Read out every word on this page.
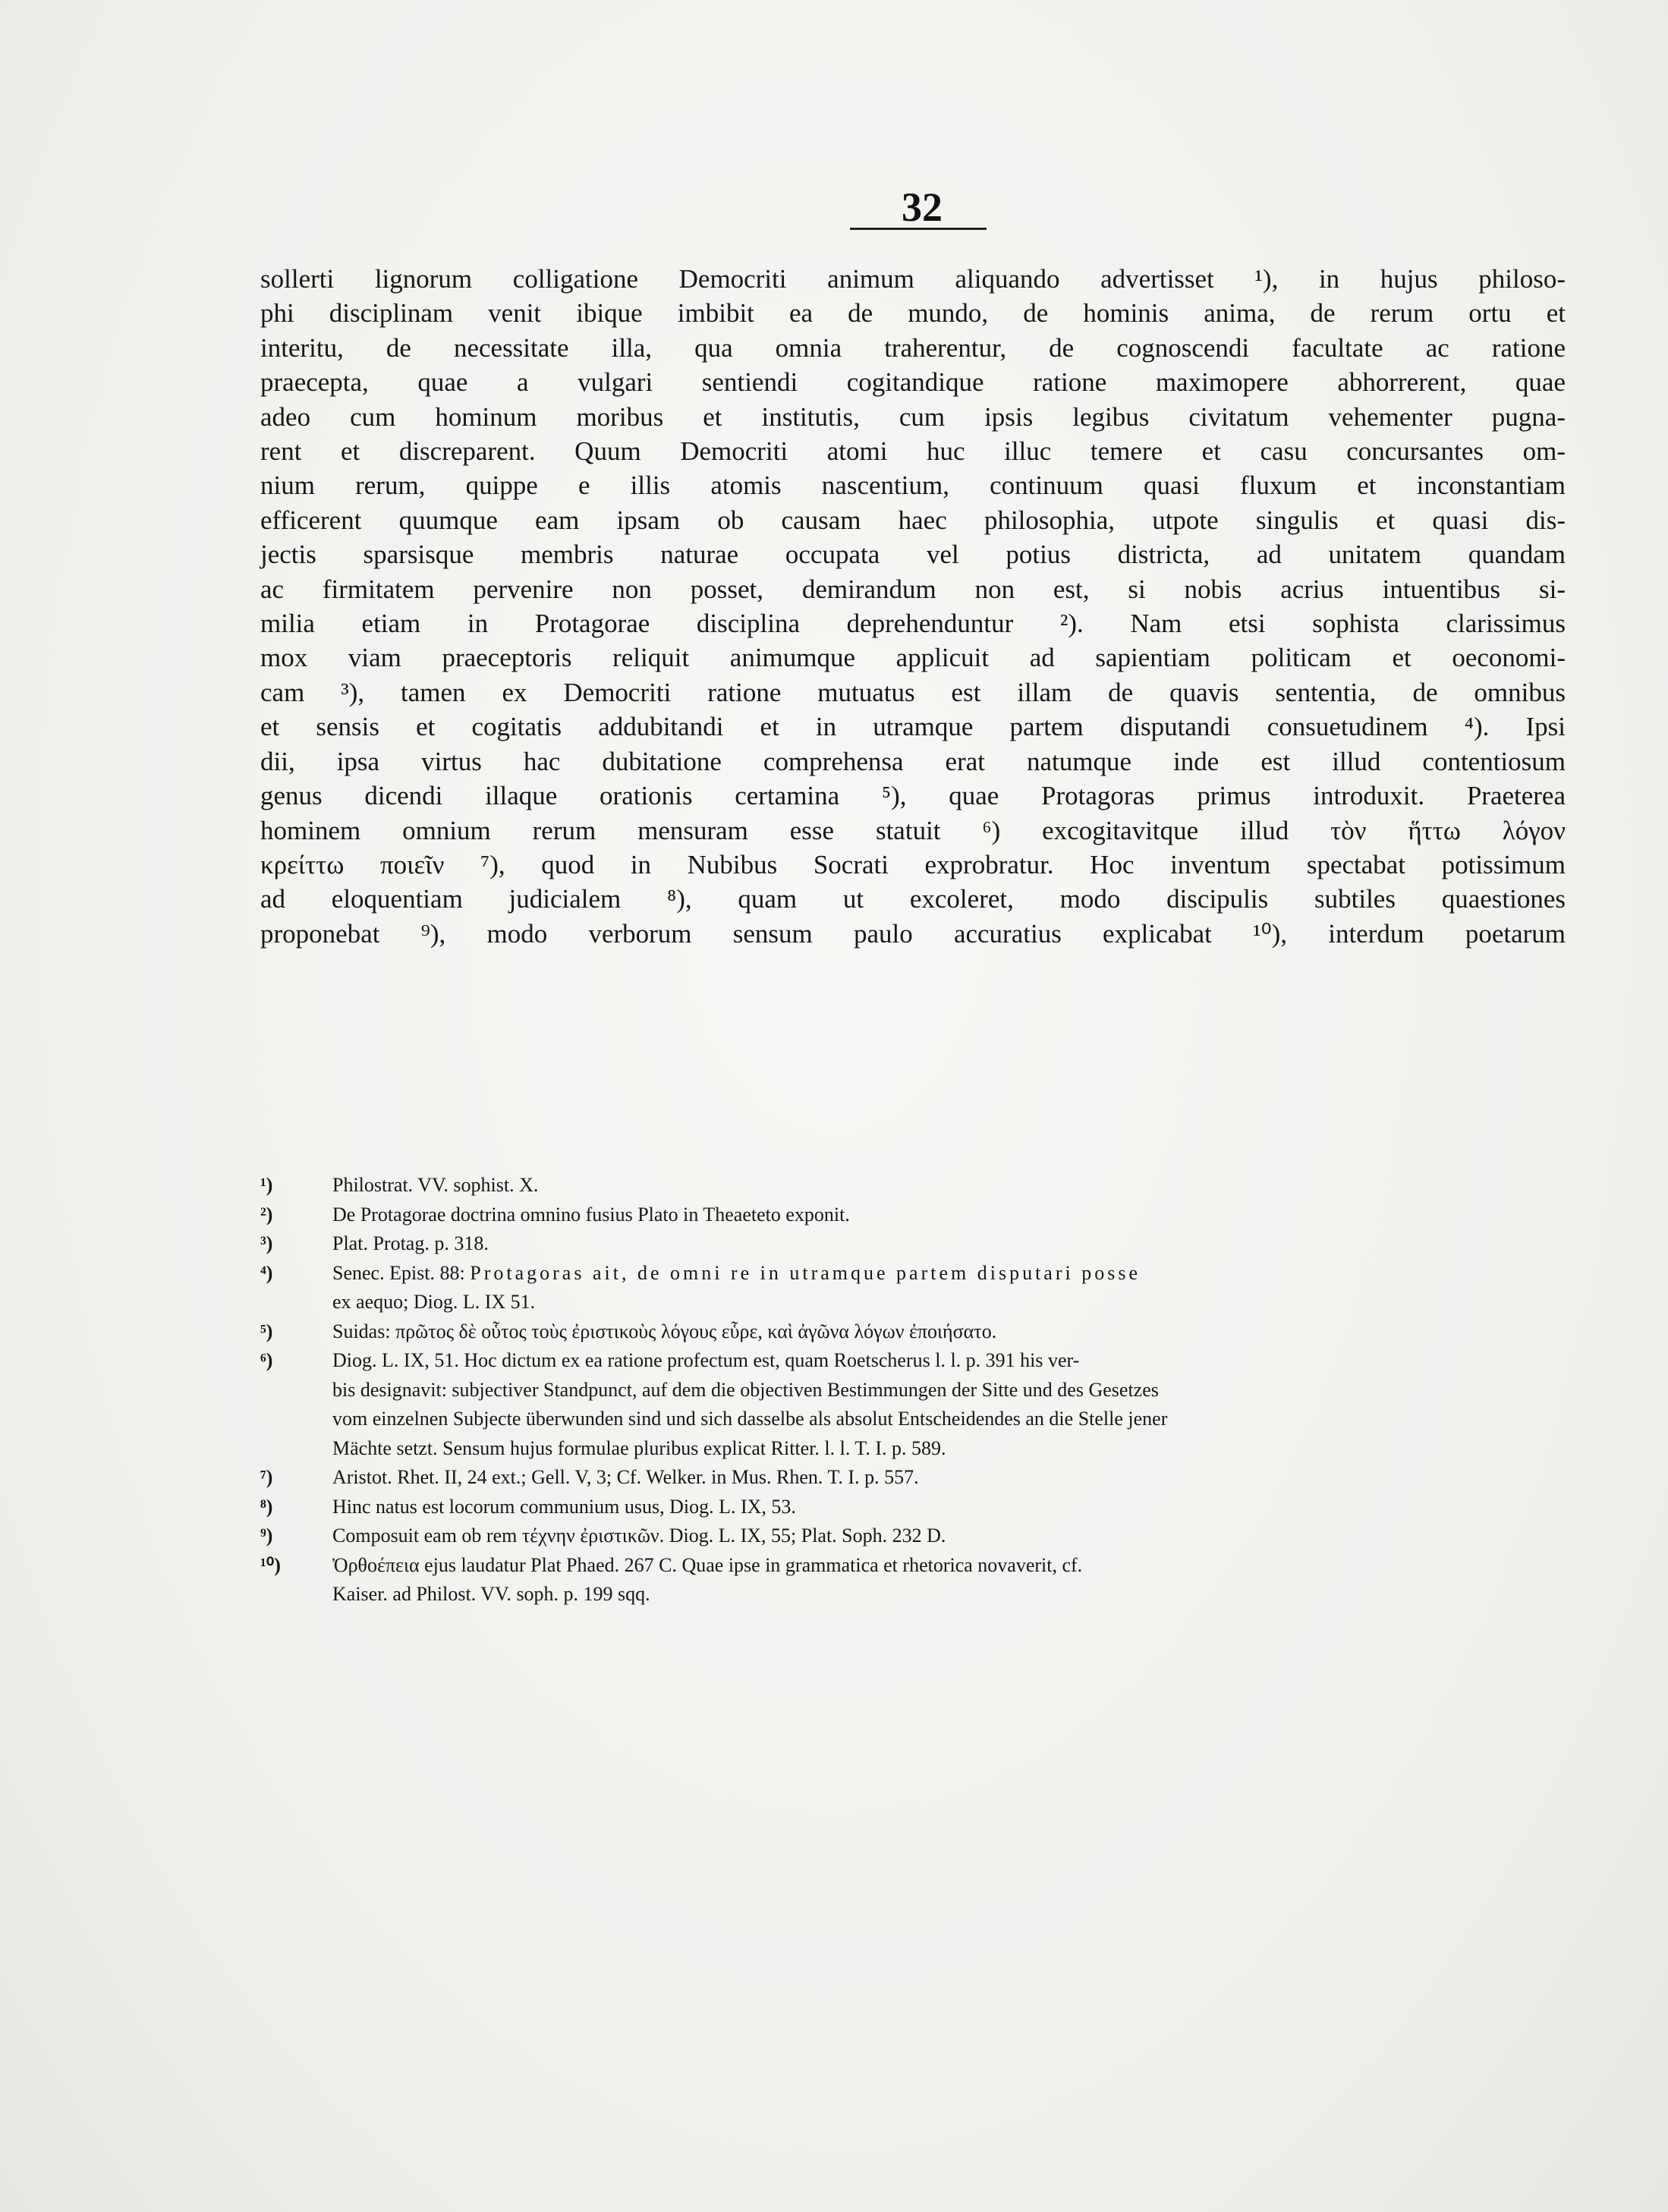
32
sollerti lignorum colligatione Democriti animum aliquando advertisset ¹), in hujus philoso-
phi disciplinam venit ibique imbibit ea de mundo, de hominis anima, de rerum ortu et
interitu, de necessitate illa, qua omnia traherentur, de cognoscendi facultate ac ratione
praecepta, quae a vulgari sentiendi cogitandique ratione maximopere abhorrerent, quae
adeo cum hominum moribus et institutis, cum ipsis legibus civitatum vehementer pugna-
rent et discreparent. Quum Democriti atomi huc illuc temere et casu concursantes om-
nium rerum, quippe e illis atomis nascentium, continuum quasi fluxum et inconstantiam
efficerent quumque eam ipsam ob causam haec philosophia, utpote singulis et quasi dis-
jectis sparsisque membris naturae occupata vel potius districta, ad unitatem quandam
ac firmitatem pervenire non posset, demirandum non est, si nobis acrius intuentibus si-
milia etiam in Protagorae disciplina deprehenduntur ²). Nam etsi sophista clarissimus
mox viam praeceptoris reliquit animumque applicuit ad sapientiam politicam et oeconomi-
cam ³), tamen ex Democriti ratione mutuatus est illam de quavis sententia, de omnibus
et sensis et cogitatis addubitandi et in utramque partem disputandi consuetudinem ⁴). Ipsi
dii, ipsa virtus hac dubitatione comprehensa erat natumque inde est illud contentiosum
genus dicendi illaque orationis certamina ⁵), quae Protagoras primus introduxit. Praeterea
hominem omnium rerum mensuram esse statuit ⁶) excogitavitque illud τὸν ἥττω λόγον
κρείττω ποιεῖν ⁷), quod in Nubibus Socrati exprobratur. Hoc inventum spectabat potissimum
ad eloquentiam judicialem ⁸), quam ut excoleret, modo discipulis subtiles quaestiones
proponebat ⁹), modo verborum sensum paulo accuratius explicabat ¹⁰), interdum poetarum
¹)	Philostrat. VV. sophist. X.
²)	De Protagorae doctrina omnino fusius Plato in Theaeteto exponit.
³)	Plat. Protag. p. 318.
⁴)	Senec. Epist. 88: Protagoras ait, de omni re in utramque partem disputari posse
ex aequo; Diog. L. IX 51.
⁵)	Suidas: πρῶτος δὲ οὗτος τοὺς ἐριστικοὺς λόγους εὗρε, καὶ ἀγῶνα λόγων ἐποιήσατο.
⁶)	Diog. L. IX, 51. Hoc dictum ex ea ratione profectum est, quam Roetscherus l. l. p. 391 his ver-
bis designavit: subjectiver Standpunct, auf dem die objectiven Bestimmungen der Sitte und des Gesetzes
vom einzelnen Subjecte überwunden sind und sich dasselbe als absolut Entscheidendes an die Stelle jener
Mächte setzt. Sensum hujus formulae pluribus explicat Ritter. l. l. T. I. p. 589.
⁷)	Aristot. Rhet. II, 24 ext.; Gell. V, 3; Cf. Welker. in Mus. Rhen. T. I. p. 557.
⁸)	Hinc natus est locorum communium usus, Diog. L. IX, 53.
⁹)	Composuit eam ob rem τέχνην ἐριστικῶν. Diog. L. IX, 55; Plat. Soph. 232 D.
¹⁰)	Ὀρθοέπεια ejus laudatur Plat Phaed. 267 C. Quae ipse in grammatica et rhetorica novaverit, cf.
Kaiser. ad Philost. VV. soph. p. 199 sqq.
